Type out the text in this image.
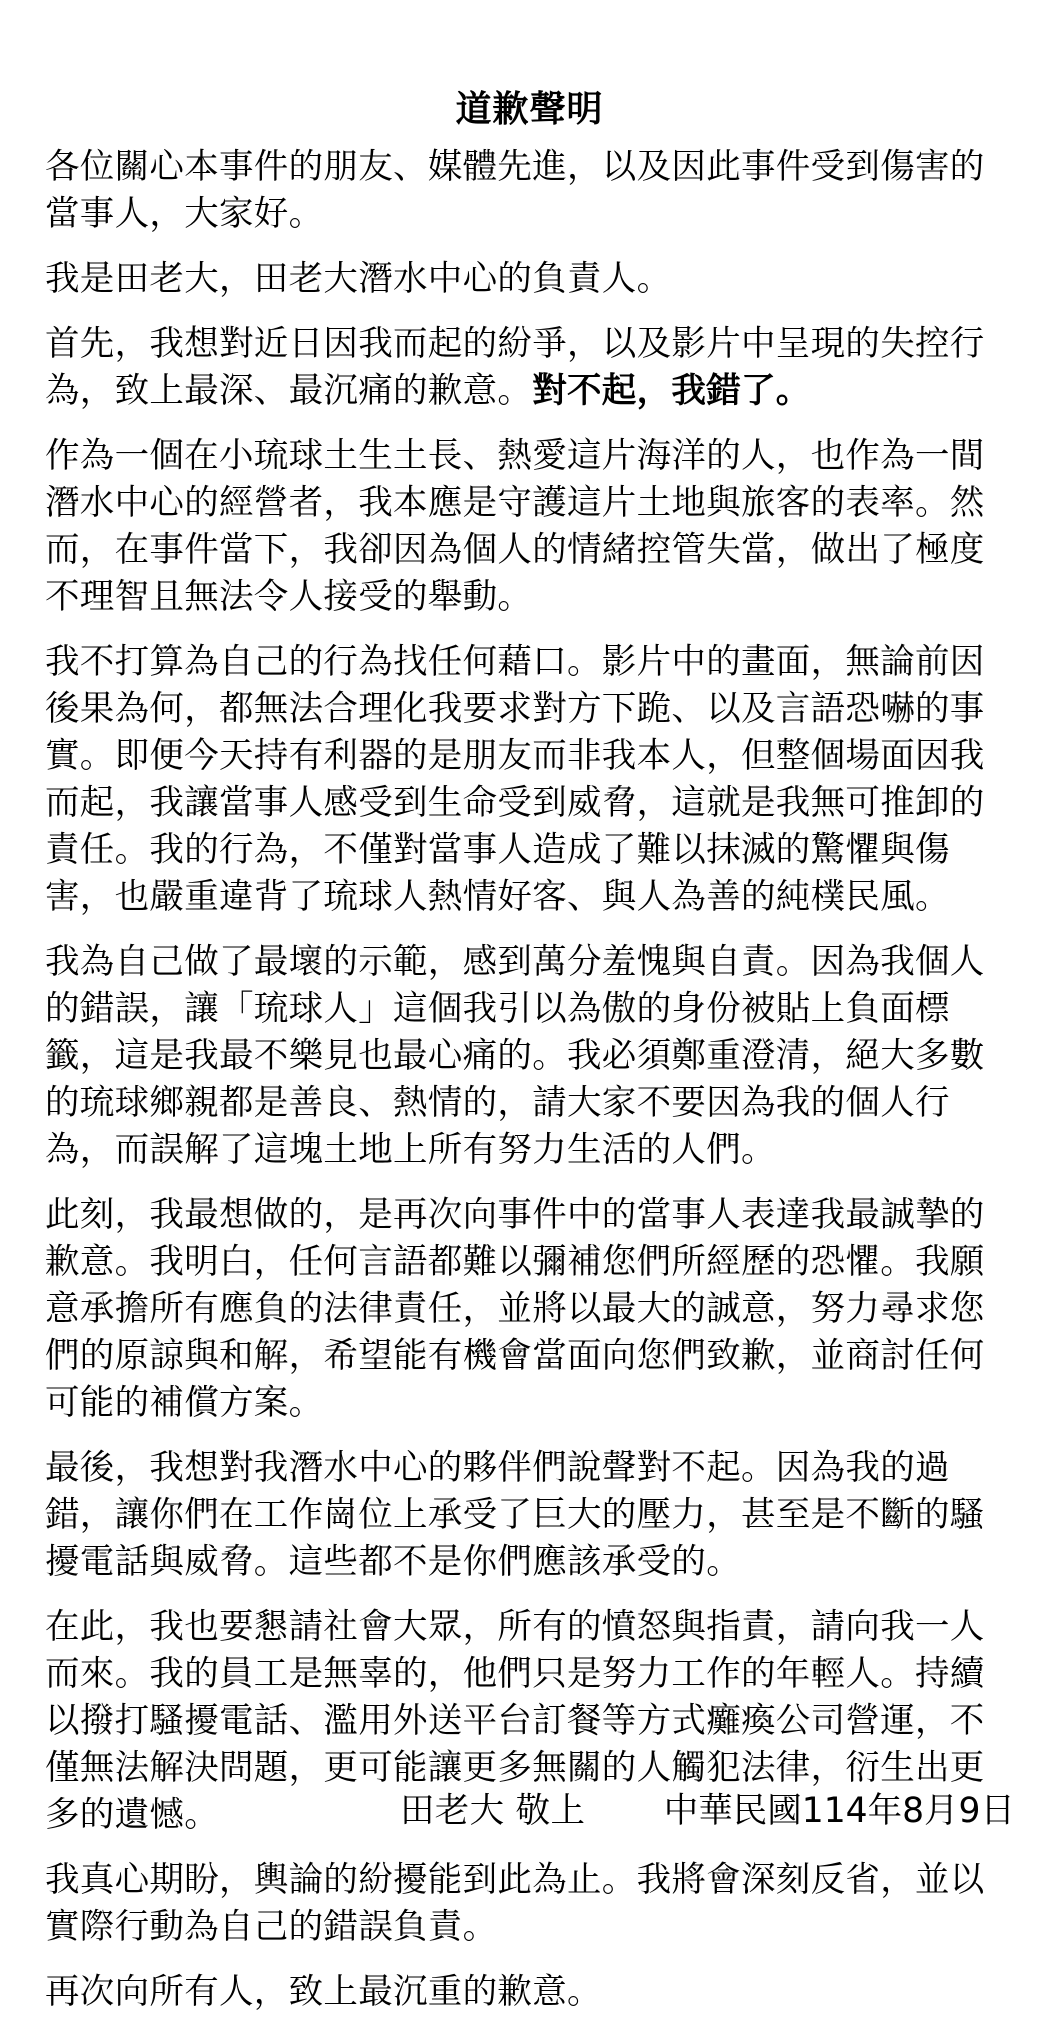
道歉聲明

各位關心本事件的朋友、媒體先進，以及因此事件受到傷害的
當事人，大家好。

我是田老大，田老大潛水中心的負責人。

首先，我想對近日因我而起的紛爭，以及影片中呈現的失控行
為，致上最深、最沉痛的歉意。對不起，我錯了。

作為一個在小琉球土生土長、熱愛這片海洋的人，也作為一間
潛水中心的經營者，我本應是守護這片土地與旅客的表率。然
而，在事件當下，我卻因為個人的情緒控管失當，做出了極度
不理智且無法令人接受的舉動。

我不打算為自己的行為找任何藉口。影片中的畫面，無論前因
後果為何，都無法合理化我要求對方下跪、以及言語恐嚇的事
實。即便今天持有利器的是朋友而非我本人，但整個場面因我
而起，我讓當事人感受到生命受到威脅，這就是我無可推卸的
責任。我的行為，不僅對當事人造成了難以抹滅的驚懼與傷
害，也嚴重違背了琉球人熱情好客、與人為善的純樸民風。

我為自己做了最壞的示範，感到萬分羞愧與自責。因為我個人
的錯誤，讓「琉球人」這個我引以為傲的身份被貼上負面標
籤，這是我最不樂見也最心痛的。我必須鄭重澄清，絕大多數
的琉球鄉親都是善良、熱情的，請大家不要因為我的個人行
為，而誤解了這塊土地上所有努力生活的人們。

此刻，我最想做的，是再次向事件中的當事人表達我最誠摯的
歉意。我明白，任何言語都難以彌補您們所經歷的恐懼。我願
意承擔所有應負的法律責任，並將以最大的誠意，努力尋求您
們的原諒與和解，希望能有機會當面向您們致歉，並商討任何
可能的補償方案。

最後，我想對我潛水中心的夥伴們說聲對不起。因為我的過
錯，讓你們在工作崗位上承受了巨大的壓力，甚至是不斷的騷
擾電話與威脅。這些都不是你們應該承受的。

在此，我也要懇請社會大眾，所有的憤怒與指責，請向我一人
而來。我的員工是無辜的，他們只是努力工作的年輕人。持續
以撥打騷擾電話、濫用外送平台訂餐等方式癱瘓公司營運，不
僅無法解決問題，更可能讓更多無關的人觸犯法律，衍生出更
多的遺憾。

我真心期盼，輿論的紛擾能到此為止。我將會深刻反省，並以
實際行動為自己的錯誤負責。

再次向所有人，致上最沉重的歉意。

田老大 敬上 中華民國114年8月9日
